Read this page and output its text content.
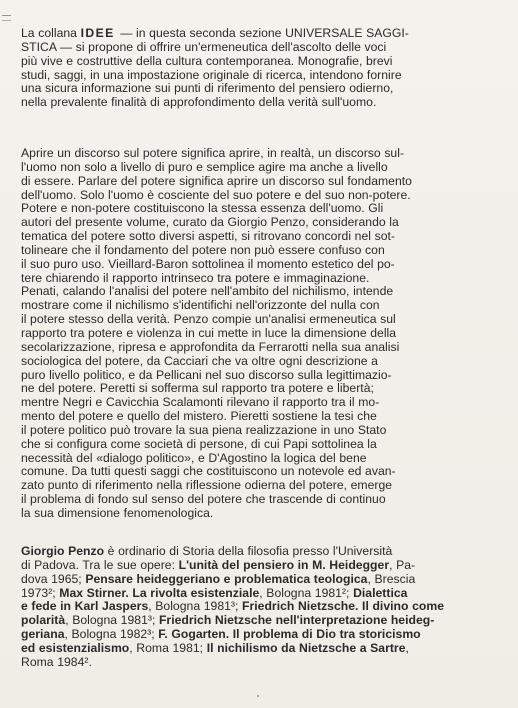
La collana IDEE — in questa seconda sezione UNIVERSALE SAGGI-
STICA — si propone di offrire un'ermeneutica dell'ascolto delle voci
più vive e costruttive della cultura contemporanea. Monografie, brevi
studi, saggi, in una impostazione originale di ricerca, intendono fornire
una sicura informazione sui punti di riferimento del pensiero odierno,
nella prevalente finalità di approfondimento della verità sull'uomo.
Aprire un discorso sul potere significa aprire, in realtà, un discorso sul-
l'uomo non solo a livello di puro e semplice agire ma anche a livello
di essere. Parlare del potere significa aprire un discorso sul fondamento
dell'uomo. Solo l'uomo è cosciente del suo potere e del suo non-potere.
Potere e non-potere costituiscono la stessa essenza dell'uomo. Gli
autori del presente volume, curato da Giorgio Penzo, considerando la
tematica del potere sotto diversi aspetti, si ritrovano concordi nel sot-
tolineare che il fondamento del potere non può essere confuso con
il suo puro uso. Vieillard-Baron sottolinea il momento estetico del po-
tere chiarendo il rapporto intrinseco tra potere e immaginazione.
Penati, calando l'analisi del potere nell'ambito del nichilismo, intende
mostrare come il nichilismo s'identifichi nell'orizzonte del nulla con
il potere stesso della verità. Penzo compie un'analisi ermeneutica sul
rapporto tra potere e violenza in cui mette in luce la dimensione della
secolarizzazione, ripresa e approfondita da Ferrarotti nella sua analisi
sociologica del potere, da Cacciari che va oltre ogni descrizione a
puro livello politico, e da Pellicani nel suo discorso sulla legittimazio-
ne del potere. Peretti si sofferma sul rapporto tra potere e libertà;
mentre Negri e Cavicchia Scalamonti rilevano il rapporto tra il mo-
mento del potere e quello del mistero. Pieretti sostiene la tesi che
il potere politico può trovare la sua piena realizzazione in uno Stato
che si configura come società di persone, di cui Papi sottolinea la
necessità del «dialogo politico», e D'Agostino la logica del bene
comune. Da tutti questi saggi che costituiscono un notevole ed avan-
zato punto di riferimento nella riflessione odierna del potere, emerge
il problema di fondo sul senso del potere che trascende di continuo
la sua dimensione fenomenologica.
Giorgio Penzo è ordinario di Storia della filosofia presso l'Università
di Padova. Tra le sue opere: L'unità del pensiero in M. Heidegger, Pa-
dova 1965; Pensare heideggeriano e problematica teologica, Brescia
1973²; Max Stirner. La rivolta esistenziale, Bologna 1981²; Dialettica
e fede in Karl Jaspers, Bologna 1981³; Friedrich Nietzsche. Il divino come
polarità, Bologna 1981³; Friedrich Nietzsche nell'interpretazione heideg-
geriana, Bologna 1982³; F. Gogarten. Il problema di Dio tra storicismo
ed esistenzialismo, Roma 1981; Il nichilismo da Nietzsche a Sartre,
Roma 1984².
